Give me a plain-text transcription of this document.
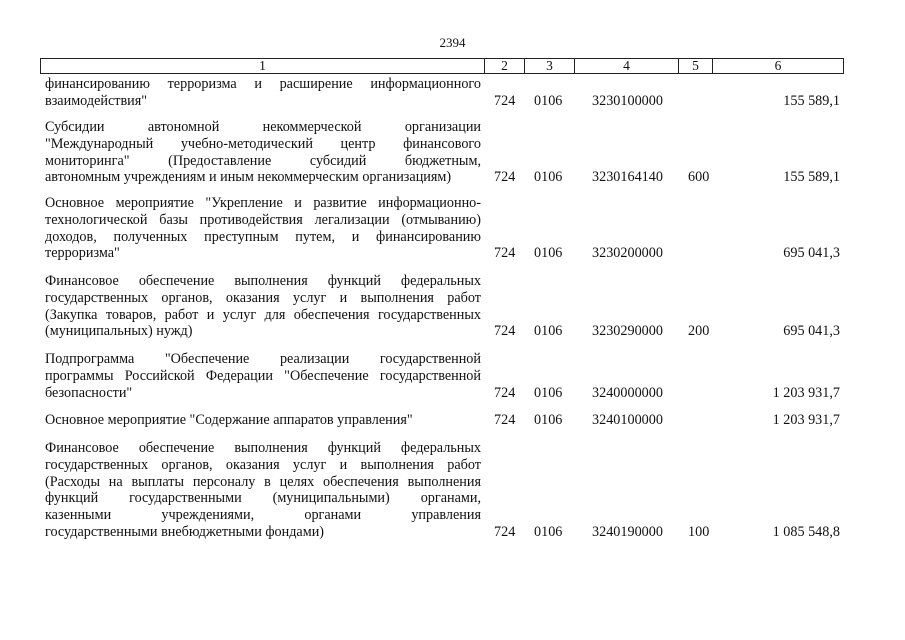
2394
1	2	3	4	5	6
финансированию терроризма и расширение информационного
взаимодействия"	724 0106 3230100000	155 589,1
Субсидии автономной некоммерческой организации
"Международный учебно-методический центр финансового
мониторинга" (Предоставление субсидий бюджетным,
автономным учреждениям и иным некоммерческим организациям)	724 0106 3230164140 600	155 589,1
Основное мероприятие "Укрепление и развитие информационно-
технологической базы противодействия легализации (отмыванию)
доходов, полученных преступным путем, и финансированию
терроризма"	724 0106 3230200000	695 041,3
Финансовое обеспечение выполнения функций федеральных
государственных органов, оказания услуг и выполнения работ
(Закупка товаров, работ и услуг для обеспечения государственных
(муниципальных) нужд)	724 0106 3230290000 200	695 041,3
Подпрограмма "Обеспечение реализации государственной
программы Российской Федерации "Обеспечение государственной
безопасности"	724 0106 3240000000	1 203 931,7
Основное мероприятие "Содержание аппаратов управления"	724 0106 3240100000	1 203 931,7
Финансовое обеспечение выполнения функций федеральных
государственных органов, оказания услуг и выполнения работ
(Расходы на выплаты персоналу в целях обеспечения выполнения
функций государственными (муниципальными) органами,
казенными учреждениями, органами управления
государственными внебюджетными фондами)	724 0106 3240190000 100	1 085 548,8
